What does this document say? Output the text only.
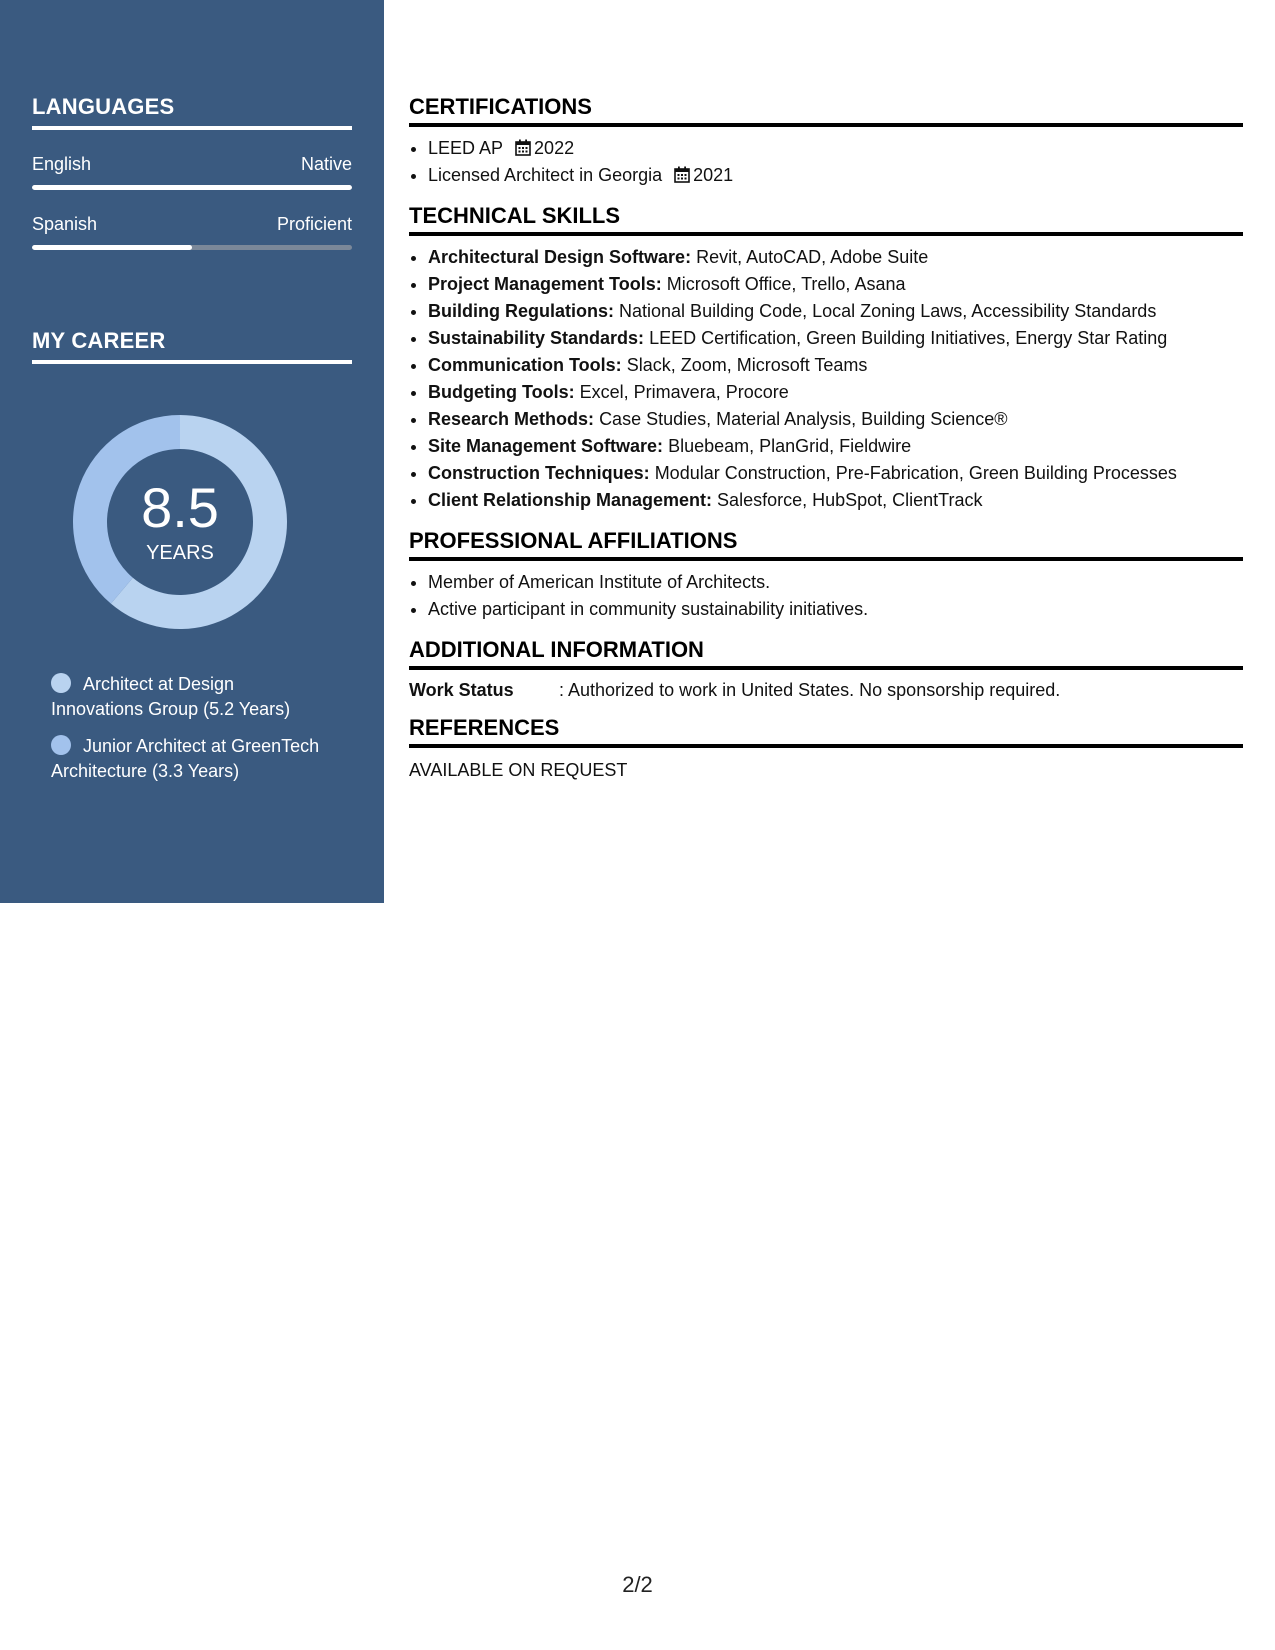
LANGUAGES
English	Native
Spanish	Proficient
MY CAREER
8.5
YEARS
Architect at Design Innovations Group (5.2 Years)
Junior Architect at GreenTech Architecture (3.3 Years)
CERTIFICATIONS
• LEED AP 2022
• Licensed Architect in Georgia 2021
TECHNICAL SKILLS
• Architectural Design Software: Revit, AutoCAD, Adobe Suite
• Project Management Tools: Microsoft Office, Trello, Asana
• Building Regulations: National Building Code, Local Zoning Laws, Accessibility Standards
• Sustainability Standards: LEED Certification, Green Building Initiatives, Energy Star Rating
• Communication Tools: Slack, Zoom, Microsoft Teams
• Budgeting Tools: Excel, Primavera, Procore
• Research Methods: Case Studies, Material Analysis, Building Science®
• Site Management Software: Bluebeam, PlanGrid, Fieldwire
• Construction Techniques: Modular Construction, Pre-Fabrication, Green Building Processes
• Client Relationship Management: Salesforce, HubSpot, ClientTrack
PROFESSIONAL AFFILIATIONS
• Member of American Institute of Architects.
• Active participant in community sustainability initiatives.
ADDITIONAL INFORMATION
Work Status	: Authorized to work in United States. No sponsorship required.
REFERENCES
AVAILABLE ON REQUEST
2/2
